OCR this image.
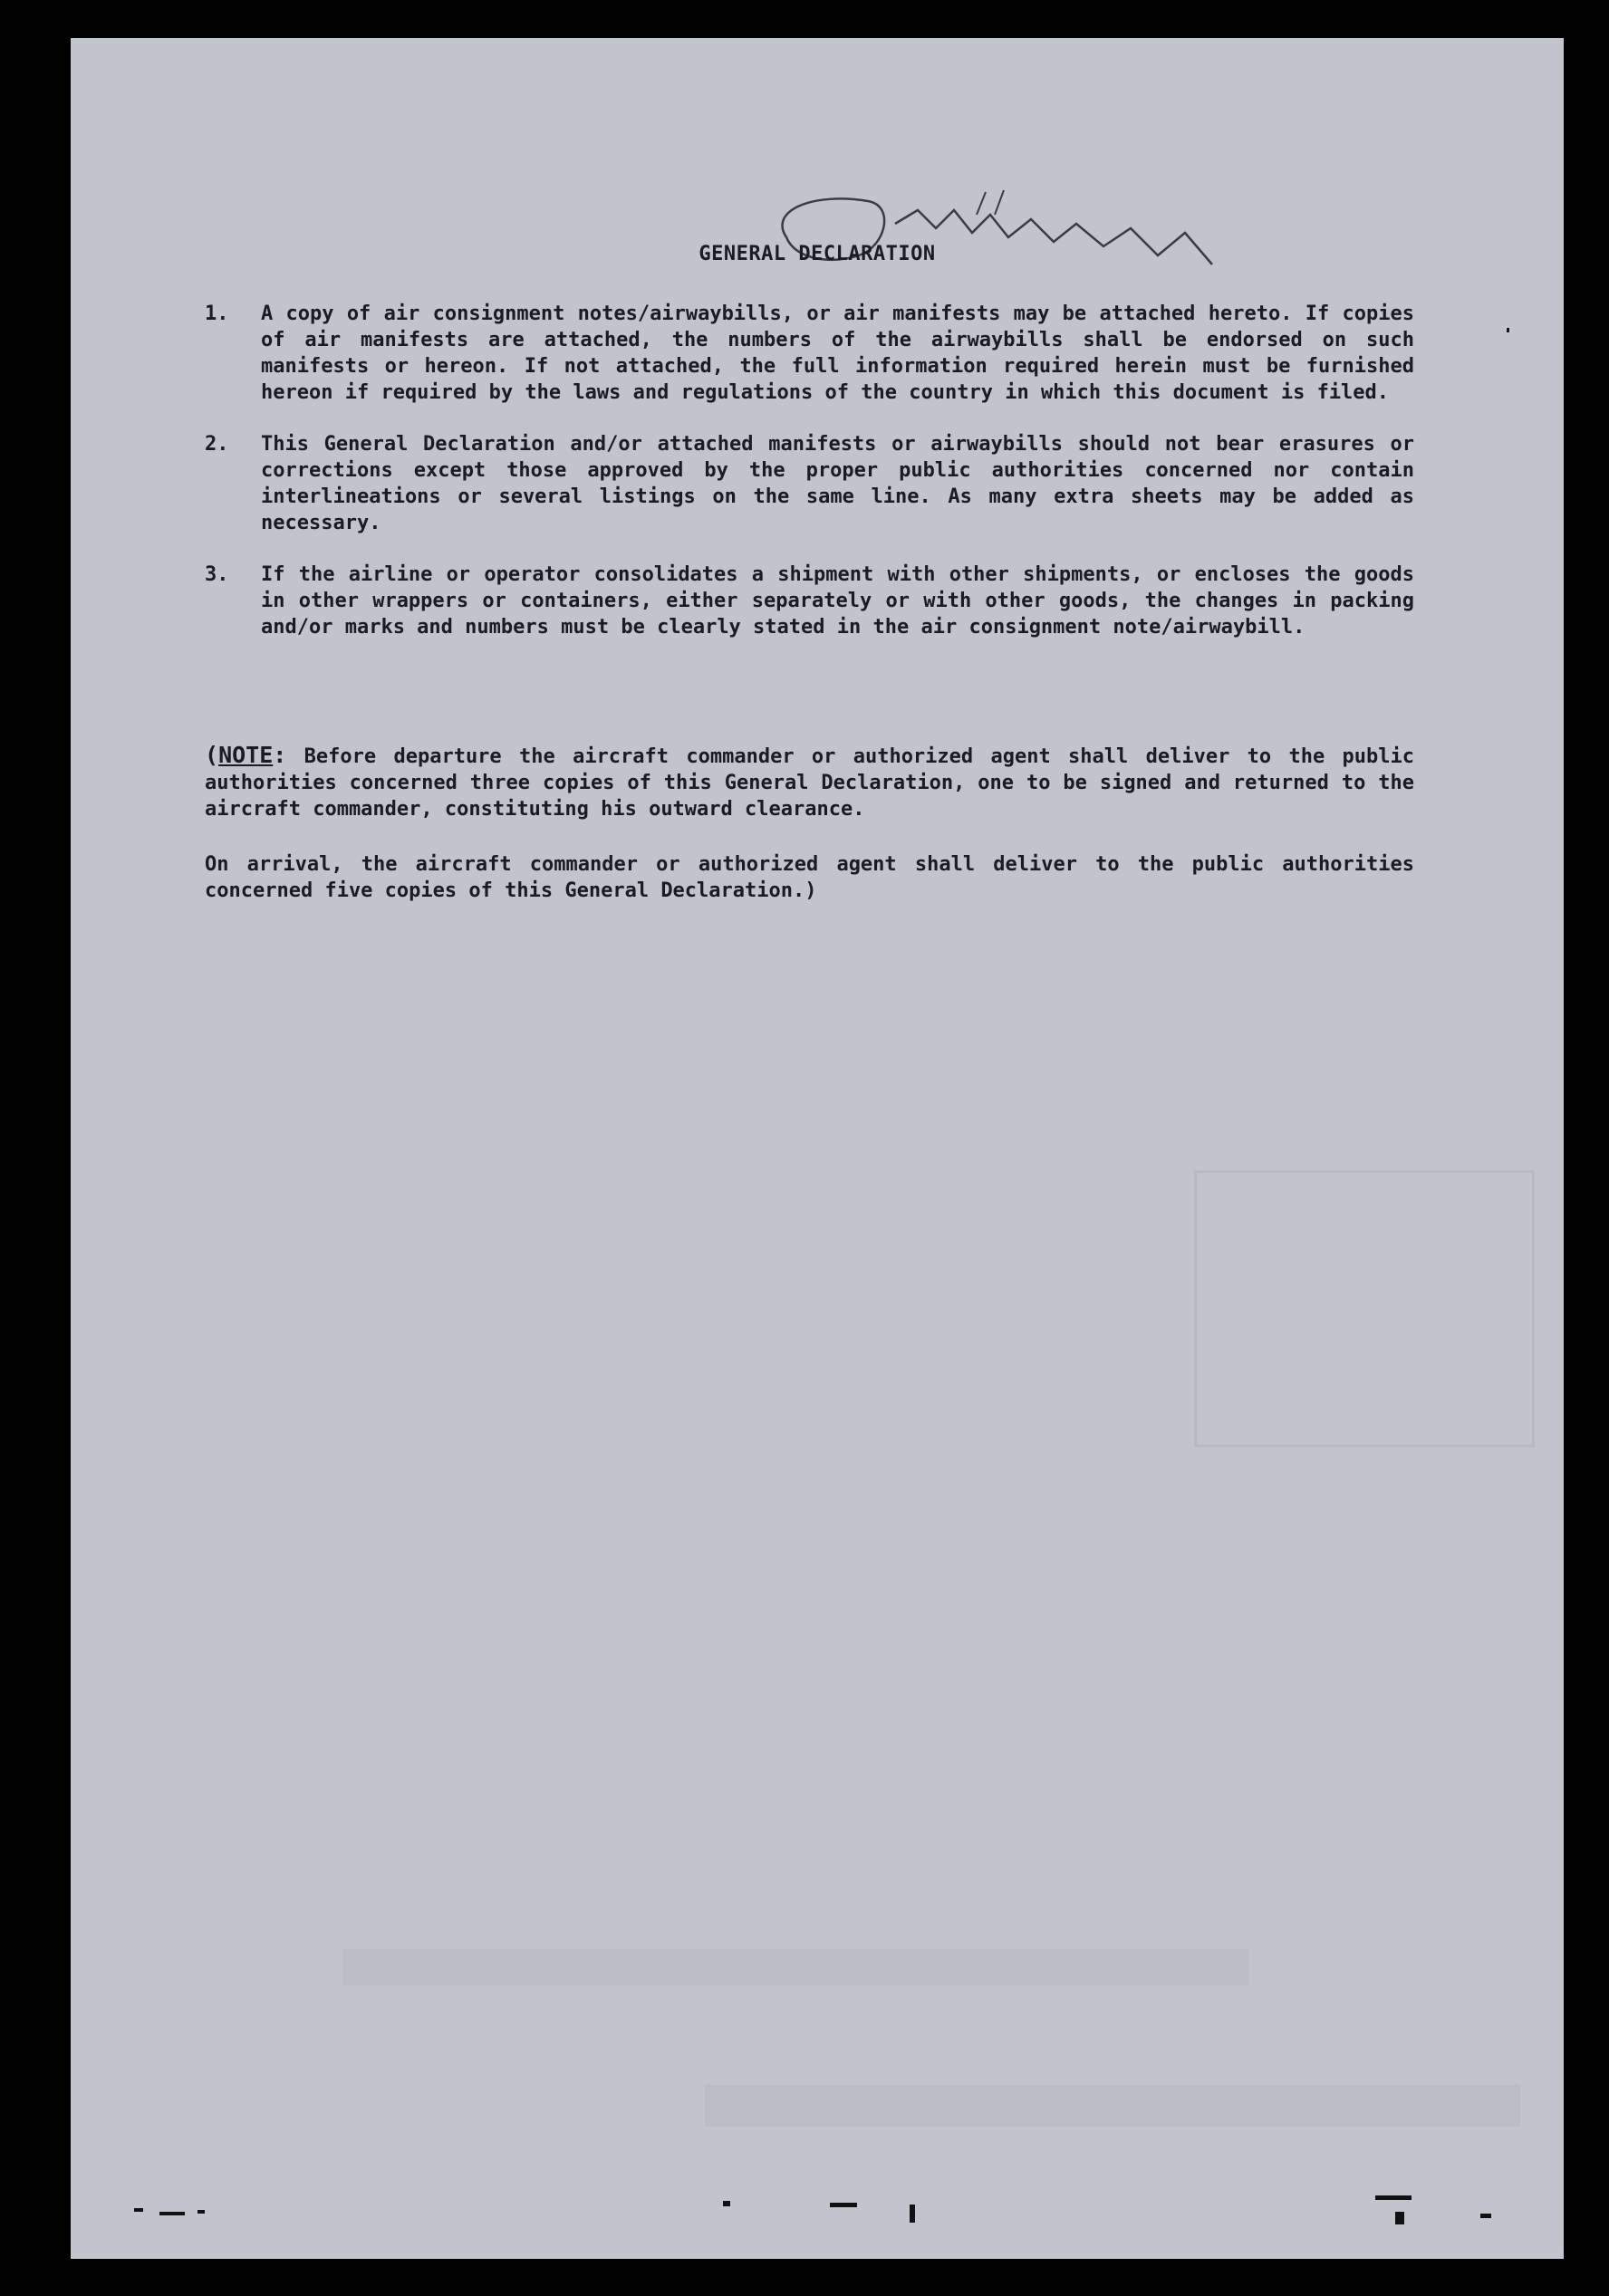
GENERAL DECLARATION
1.	A copy of air consignment notes/airwaybills, or air manifests may be attached hereto. If copies of air manifests are attached, the numbers of the airwaybills shall be endorsed on such manifests or hereon. If not attached, the full information required herein must be furnished hereon if required by the laws and regulations of the country in which this document is filed.
2.	This General Declaration and/or attached manifests or airwaybills should not bear erasures or corrections except those approved by the proper public authorities concerned nor contain interlineations or several listings on the same line. As many extra sheets may be added as necessary.
3.	If the airline or operator consolidates a shipment with other shipments, or encloses the goods in other wrappers or containers, either separately or with other goods, the changes in packing and/or marks and numbers must be clearly stated in the air consignment note/airwaybill.

(NOTE: Before departure the aircraft commander or authorized agent shall deliver to the public authorities concerned three copies of this General Declaration, one to be signed and returned to the aircraft commander, constituting his outward clearance.

On arrival, the aircraft commander or authorized agent shall deliver to the public authorities concerned five copies of this General Declaration.)
